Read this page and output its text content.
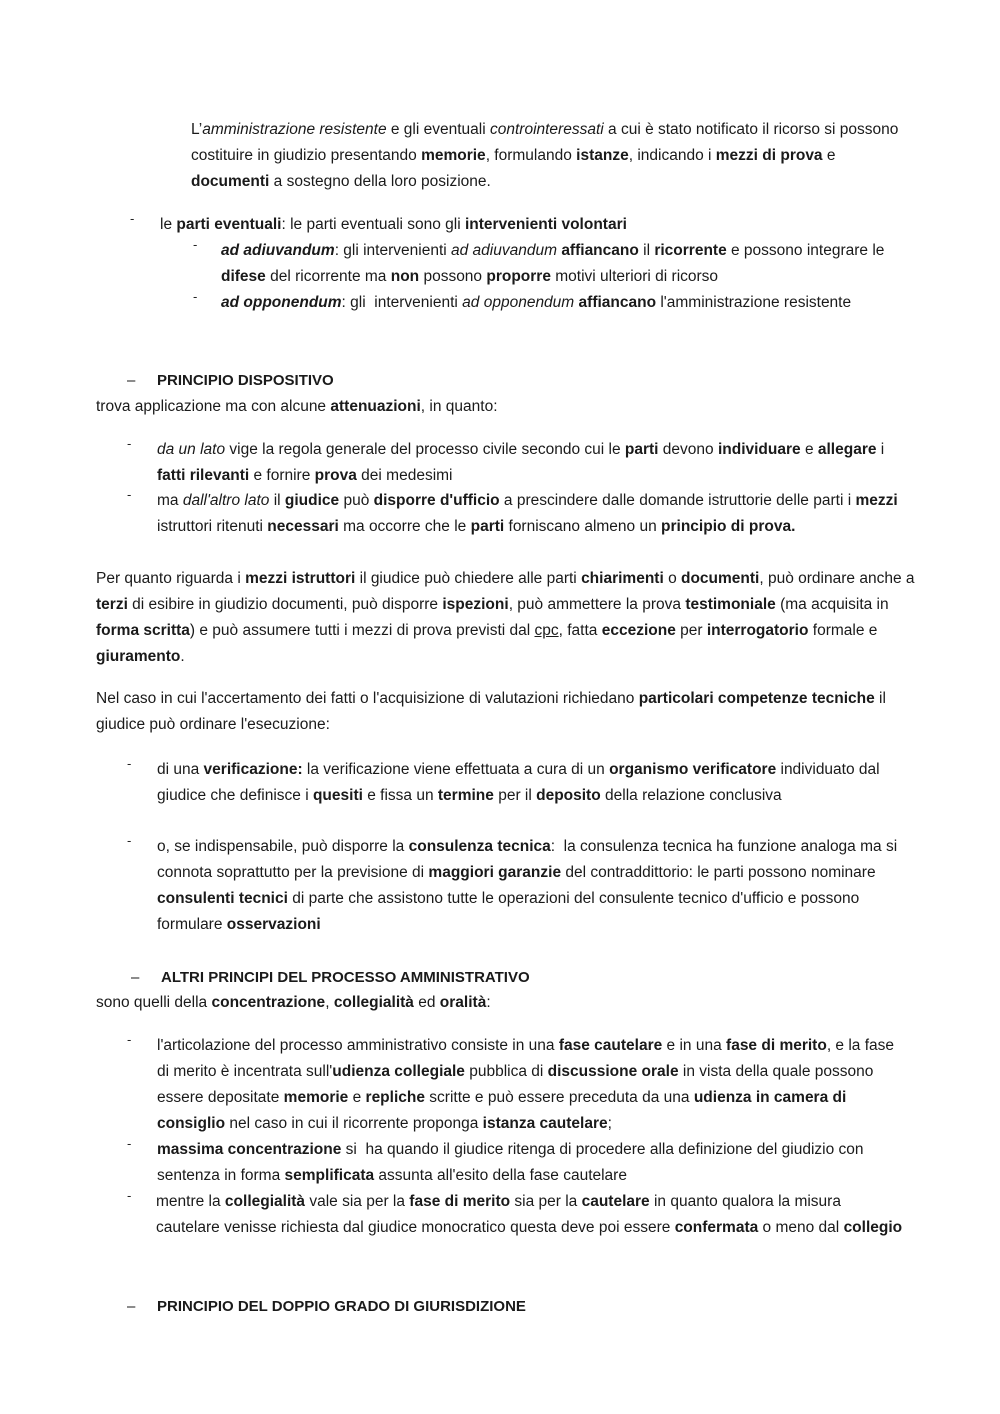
L’amministrazione resistente e gli eventuali controinteressati a cui è stato notificato il ricorso si possono costituire in giudizio presentando memorie, formulando istanze, indicando i mezzi di prova e documenti a sostegno della loro posizione.

- le parti eventuali: le parti eventuali sono gli intervenienti volontari

- ad adiuvandum: gli intervenienti ad adiuvandum affiancano il ricorrente e possono integrare le difese del ricorrente ma non possono proporre motivi ulteriori di ricorso

- ad opponendum: gli  intervenienti ad opponendum affiancano l'amministrazione resistente

– PRINCIPIO DISPOSITIVO

trova applicazione ma con alcune attenuazioni, in quanto:

- da un lato vige la regola generale del processo civile secondo cui le parti devono individuare e allegare i fatti rilevanti e fornire prova dei medesimi

- ma dall'altro lato il giudice può disporre d'ufficio a prescindere dalle domande istruttorie delle parti i mezzi istruttori ritenuti necessari ma occorre che le parti forniscano almeno un principio di prova.

Per quanto riguarda i mezzi istruttori il giudice può chiedere alle parti chiarimenti o documenti, può ordinare anche a terzi di esibire in giudizio documenti, può disporre ispezioni, può ammettere la prova testimoniale (ma acquisita in forma scritta) e può assumere tutti i mezzi di prova previsti dal cpc, fatta eccezione per interrogatorio formale e giuramento.

Nel caso in cui l'accertamento dei fatti o l'acquisizione di valutazioni richiedano particolari competenze tecniche il giudice può ordinare l'esecuzione:

- di una verificazione: la verificazione viene effettuata a cura di un organismo verificatore individuato dal giudice che definisce i quesiti e fissa un termine per il deposito della relazione conclusiva

- o, se indispensabile, può disporre la consulenza tecnica:  la consulenza tecnica ha funzione analoga ma si connota soprattutto per la previsione di maggiori garanzie del contraddittorio: le parti possono nominare consulenti tecnici di parte che assistono tutte le operazioni del consulente tecnico d'ufficio e possono formulare osservazioni

– ALTRI PRINCIPI DEL PROCESSO AMMINISTRATIVO

sono quelli della concentrazione, collegialità ed oralità:

- l'articolazione del processo amministrativo consiste in una fase cautelare e in una fase di merito, e la fase di merito è incentrata sull'udienza collegiale pubblica di discussione orale in vista della quale possono essere depositate memorie e repliche scritte e può essere preceduta da una udienza in camera di consiglio nel caso in cui il ricorrente proponga istanza cautelare;

- massima concentrazione si  ha quando il giudice ritenga di procedere alla definizione del giudizio con sentenza in forma semplificata assunta all'esito della fase cautelare

- mentre la collegialità vale sia per la fase di merito sia per la cautelare in quanto qualora la misura cautelare venisse richiesta dal giudice monocratico questa deve poi essere confermata o meno dal collegio

– PRINCIPIO DEL DOPPIO GRADO DI GIURISDIZIONE
